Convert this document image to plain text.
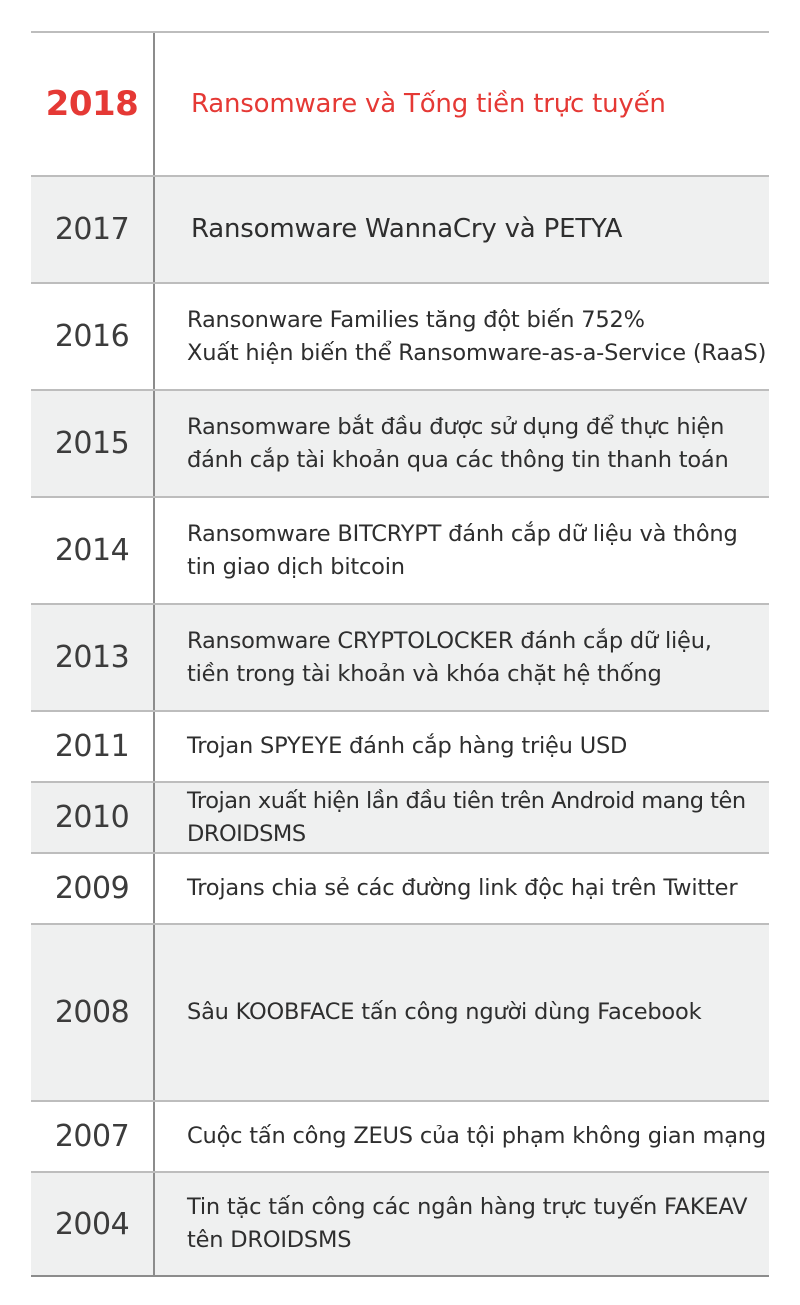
2018	Ransomware và Tống tiền trực tuyến
2017	Ransomware WannaCry và PETYA
2016	Ransonware Families tăng đột biến 752%
Xuất hiện biến thể Ransomware-as-a-Service (RaaS)
2015	Ransomware bắt đầu được sử dụng để thực hiện
đánh cắp tài khoản qua các thông tin thanh toán
2014	Ransomware BITCRYPT đánh cắp dữ liệu và thông
tin giao dịch bitcoin
2013	Ransomware CRYPTOLOCKER đánh cắp dữ liệu,
tiền trong tài khoản và khóa chặt hệ thống
2011	Trojan SPYEYE đánh cắp hàng triệu USD
2010	Trojan xuất hiện lần đầu tiên trên Android mang tên
DROIDSMS
2009	Trojans chia sẻ các đường link độc hại trên Twitter
2008	Sâu KOOBFACE tấn công người dùng Facebook
2007	Cuộc tấn công ZEUS của tội phạm không gian mạng
2004	Tin tặc tấn công các ngân hàng trực tuyến FAKEAV
tên DROIDSMS
